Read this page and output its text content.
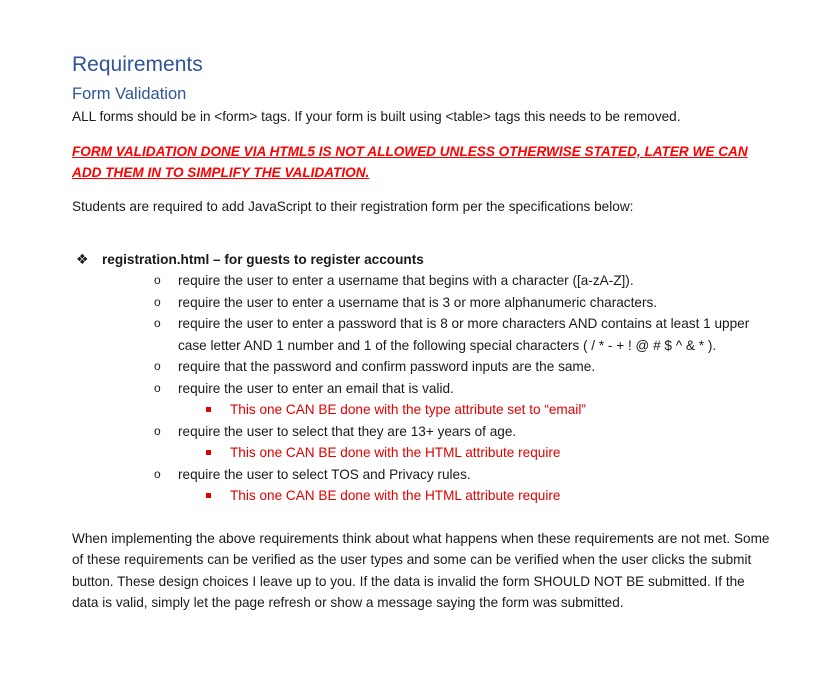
Requirements
Form Validation

ALL forms should be in <form> tags. If your form is built using <table> tags this needs to be removed.

FORM VALIDATION DONE VIA HTML5 IS NOT ALLOWED UNLESS OTHERWISE STATED, LATER WE CAN ADD THEM IN TO SIMPLIFY THE VALIDATION.

Students are required to add JavaScript to their registration form per the specifications below:

❖ registration.html – for guests to register accounts
o require the user to enter a username that begins with a character ([a-zA-Z]).
o require the user to enter a username that is 3 or more alphanumeric characters.
o require the user to enter a password that is 8 or more characters AND contains at least 1 upper case letter AND 1 number and 1 of the following special characters ( / * - + ! @ # $ ^ & * ).
o require that the password and confirm password inputs are the same.
o require the user to enter an email that is valid.
This one CAN BE done with the type attribute set to “email”
o require the user to select that they are 13+ years of age.
This one CAN BE done with the HTML attribute require
o require the user to select TOS and Privacy rules.
This one CAN BE done with the HTML attribute require

When implementing the above requirements think about what happens when these requirements are not met. Some of these requirements can be verified as the user types and some can be verified when the user clicks the submit button. These design choices I leave up to you. If the data is invalid the form SHOULD NOT BE submitted. If the data is valid, simply let the page refresh or show a message saying the form was submitted.
